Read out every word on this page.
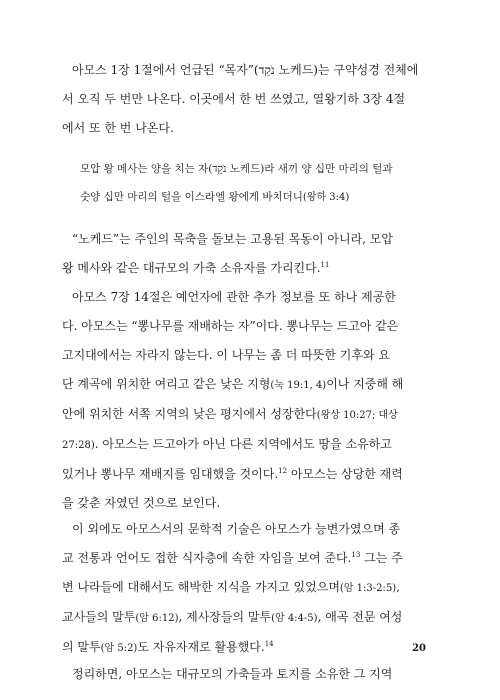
아모스 1장 1절에서 언급된 “목자”(נֹקֵד 노케드)는 구약성경 전체에
서 오직 두 번만 나온다. 이곳에서 한 번 쓰였고, 열왕기하 3장 4절
에서 또 한 번 나온다.

모압 왕 메사는 양을 치는 자(נֹקֵד 노케드)라 새끼 양 십만 마리의 털과
숫양 십만 마리의 털을 이스라엘 왕에게 바치더니(왕하 3:4)

“노케드”는 주인의 목축을 돌보는 고용된 목동이 아니라, 모압
왕 메사와 같은 대규모의 가축 소유자를 가리킨다.$^{11}$

아모스 7장 14절은 예언자에 관한 추가 정보를 또 하나 제공한
다. 아모스는 “뽕나무를 재배하는 자”이다. 뽕나무는 드고아 같은
고지대에서는 자라지 않는다. 이 나무는 좀 더 따뜻한 기후와 요
단 계곡에 위치한 여리고 같은 낮은 지형(눅 19:1, 4)이나 지중해 해
안에 위치한 서쪽 지역의 낮은 평지에서 성장한다(왕상 10:27; 대상
27:28). 아모스는 드고아가 아닌 다른 지역에서도 땅을 소유하고
있거나 뽕나무 재배지를 임대했을 것이다.$^{12}$ 아모스는 상당한 재력
을 갖춘 자였던 것으로 보인다.

이 외에도 아모스서의 문학적 기술은 아모스가 능변가였으며 종
교 전통과 언어도 접한 식자층에 속한 자임을 보여 준다.$^{13}$ 그는 주
변 나라들에 대해서도 해박한 지식을 가지고 있었으며(암 1:3-2:5),
교사들의 말투(암 6:12), 제사장들의 말투(암 4:4-5), 애곡 전문 여성
의 말투(암 5:2)도 자유자재로 활용했다.$^{14}$

정리하면, 아모스는 대규모의 가축들과 토지를 소유한 그 지역

20
